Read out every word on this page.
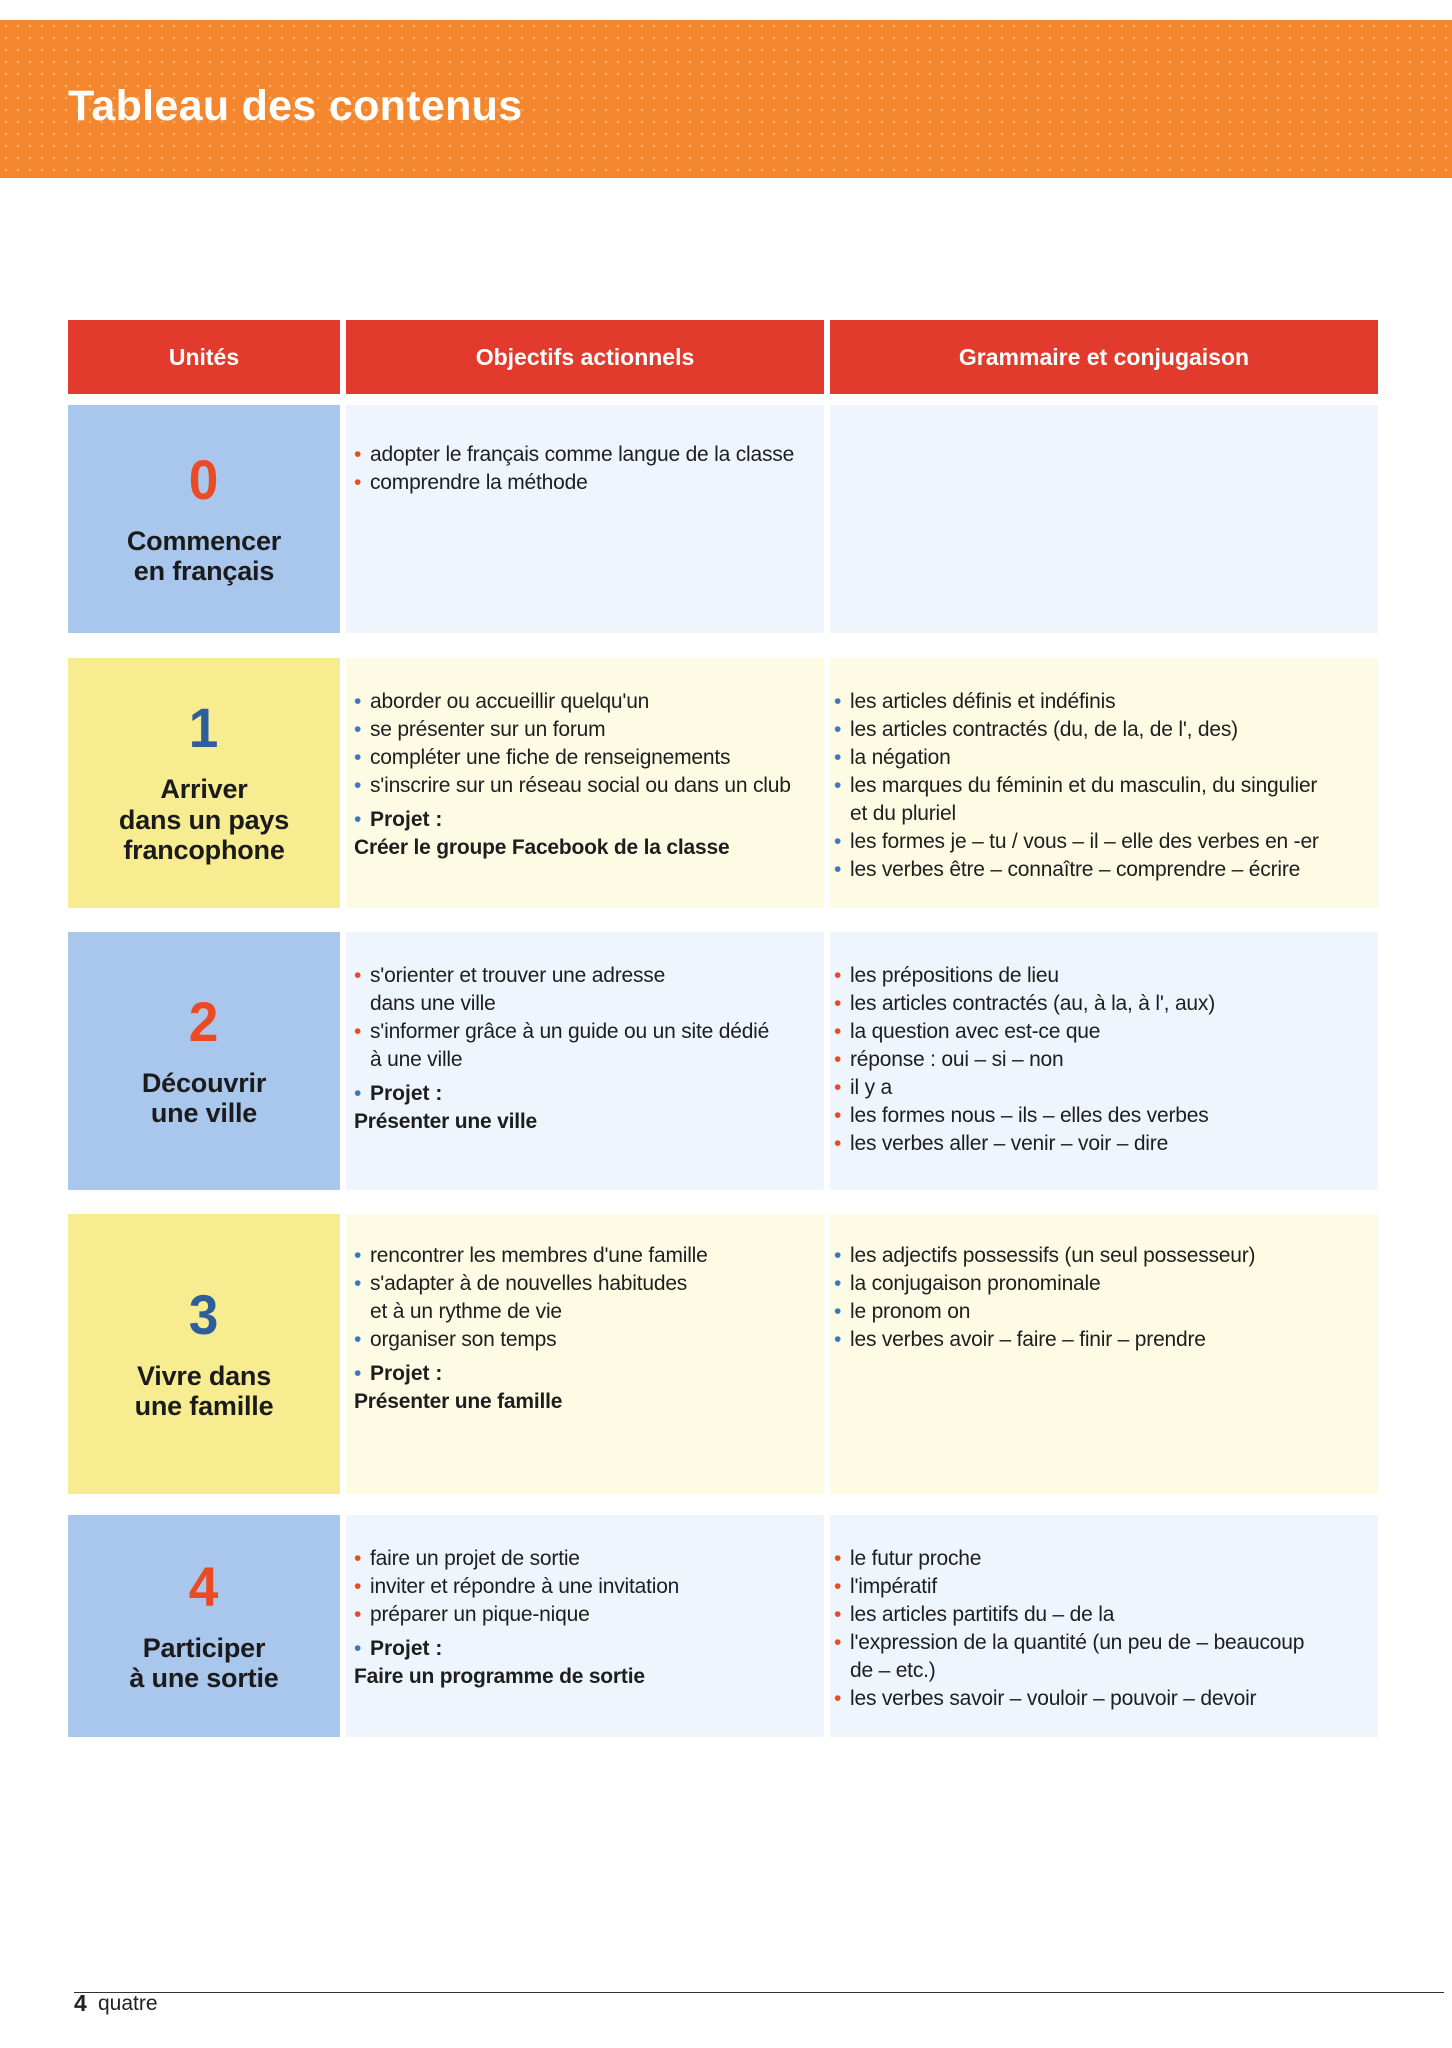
Tableau des contenus
Unités	Objectifs actionnels	Grammaire et conjugaison
0
Commencer
en français
• adopter le français comme langue de la classe
• comprendre la méthode
1
Arriver
dans un pays
francophone
• aborder ou accueillir quelqu'un
• se présenter sur un forum
• compléter une fiche de renseignements
• s'inscrire sur un réseau social ou dans un club
• Projet :
Créer le groupe Facebook de la classe
• les articles définis et indéfinis
• les articles contractés (du, de la, de l', des)
• la négation
• les marques du féminin et du masculin, du singulier
et du pluriel
• les formes je – tu / vous – il – elle des verbes en -er
• les verbes être – connaître – comprendre – écrire
2
Découvrir
une ville
• s'orienter et trouver une adresse
dans une ville
• s'informer grâce à un guide ou un site dédié
à une ville
• Projet :
Présenter une ville
• les prépositions de lieu
• les articles contractés (au, à la, à l', aux)
• la question avec est-ce que
• réponse : oui – si – non
• il y a
• les formes nous – ils – elles des verbes
• les verbes aller – venir – voir – dire
3
Vivre dans
une famille
• rencontrer les membres d'une famille
• s'adapter à de nouvelles habitudes
et à un rythme de vie
• organiser son temps
• Projet :
Présenter une famille
• les adjectifs possessifs (un seul possesseur)
• la conjugaison pronominale
• le pronom on
• les verbes avoir – faire – finir – prendre
4
Participer
à une sortie
• faire un projet de sortie
• inviter et répondre à une invitation
• préparer un pique-nique
• Projet :
Faire un programme de sortie
• le futur proche
• l'impératif
• les articles partitifs du – de la
• l'expression de la quantité (un peu de – beaucoup
de – etc.)
• les verbes savoir – vouloir – pouvoir – devoir
4 quatre
